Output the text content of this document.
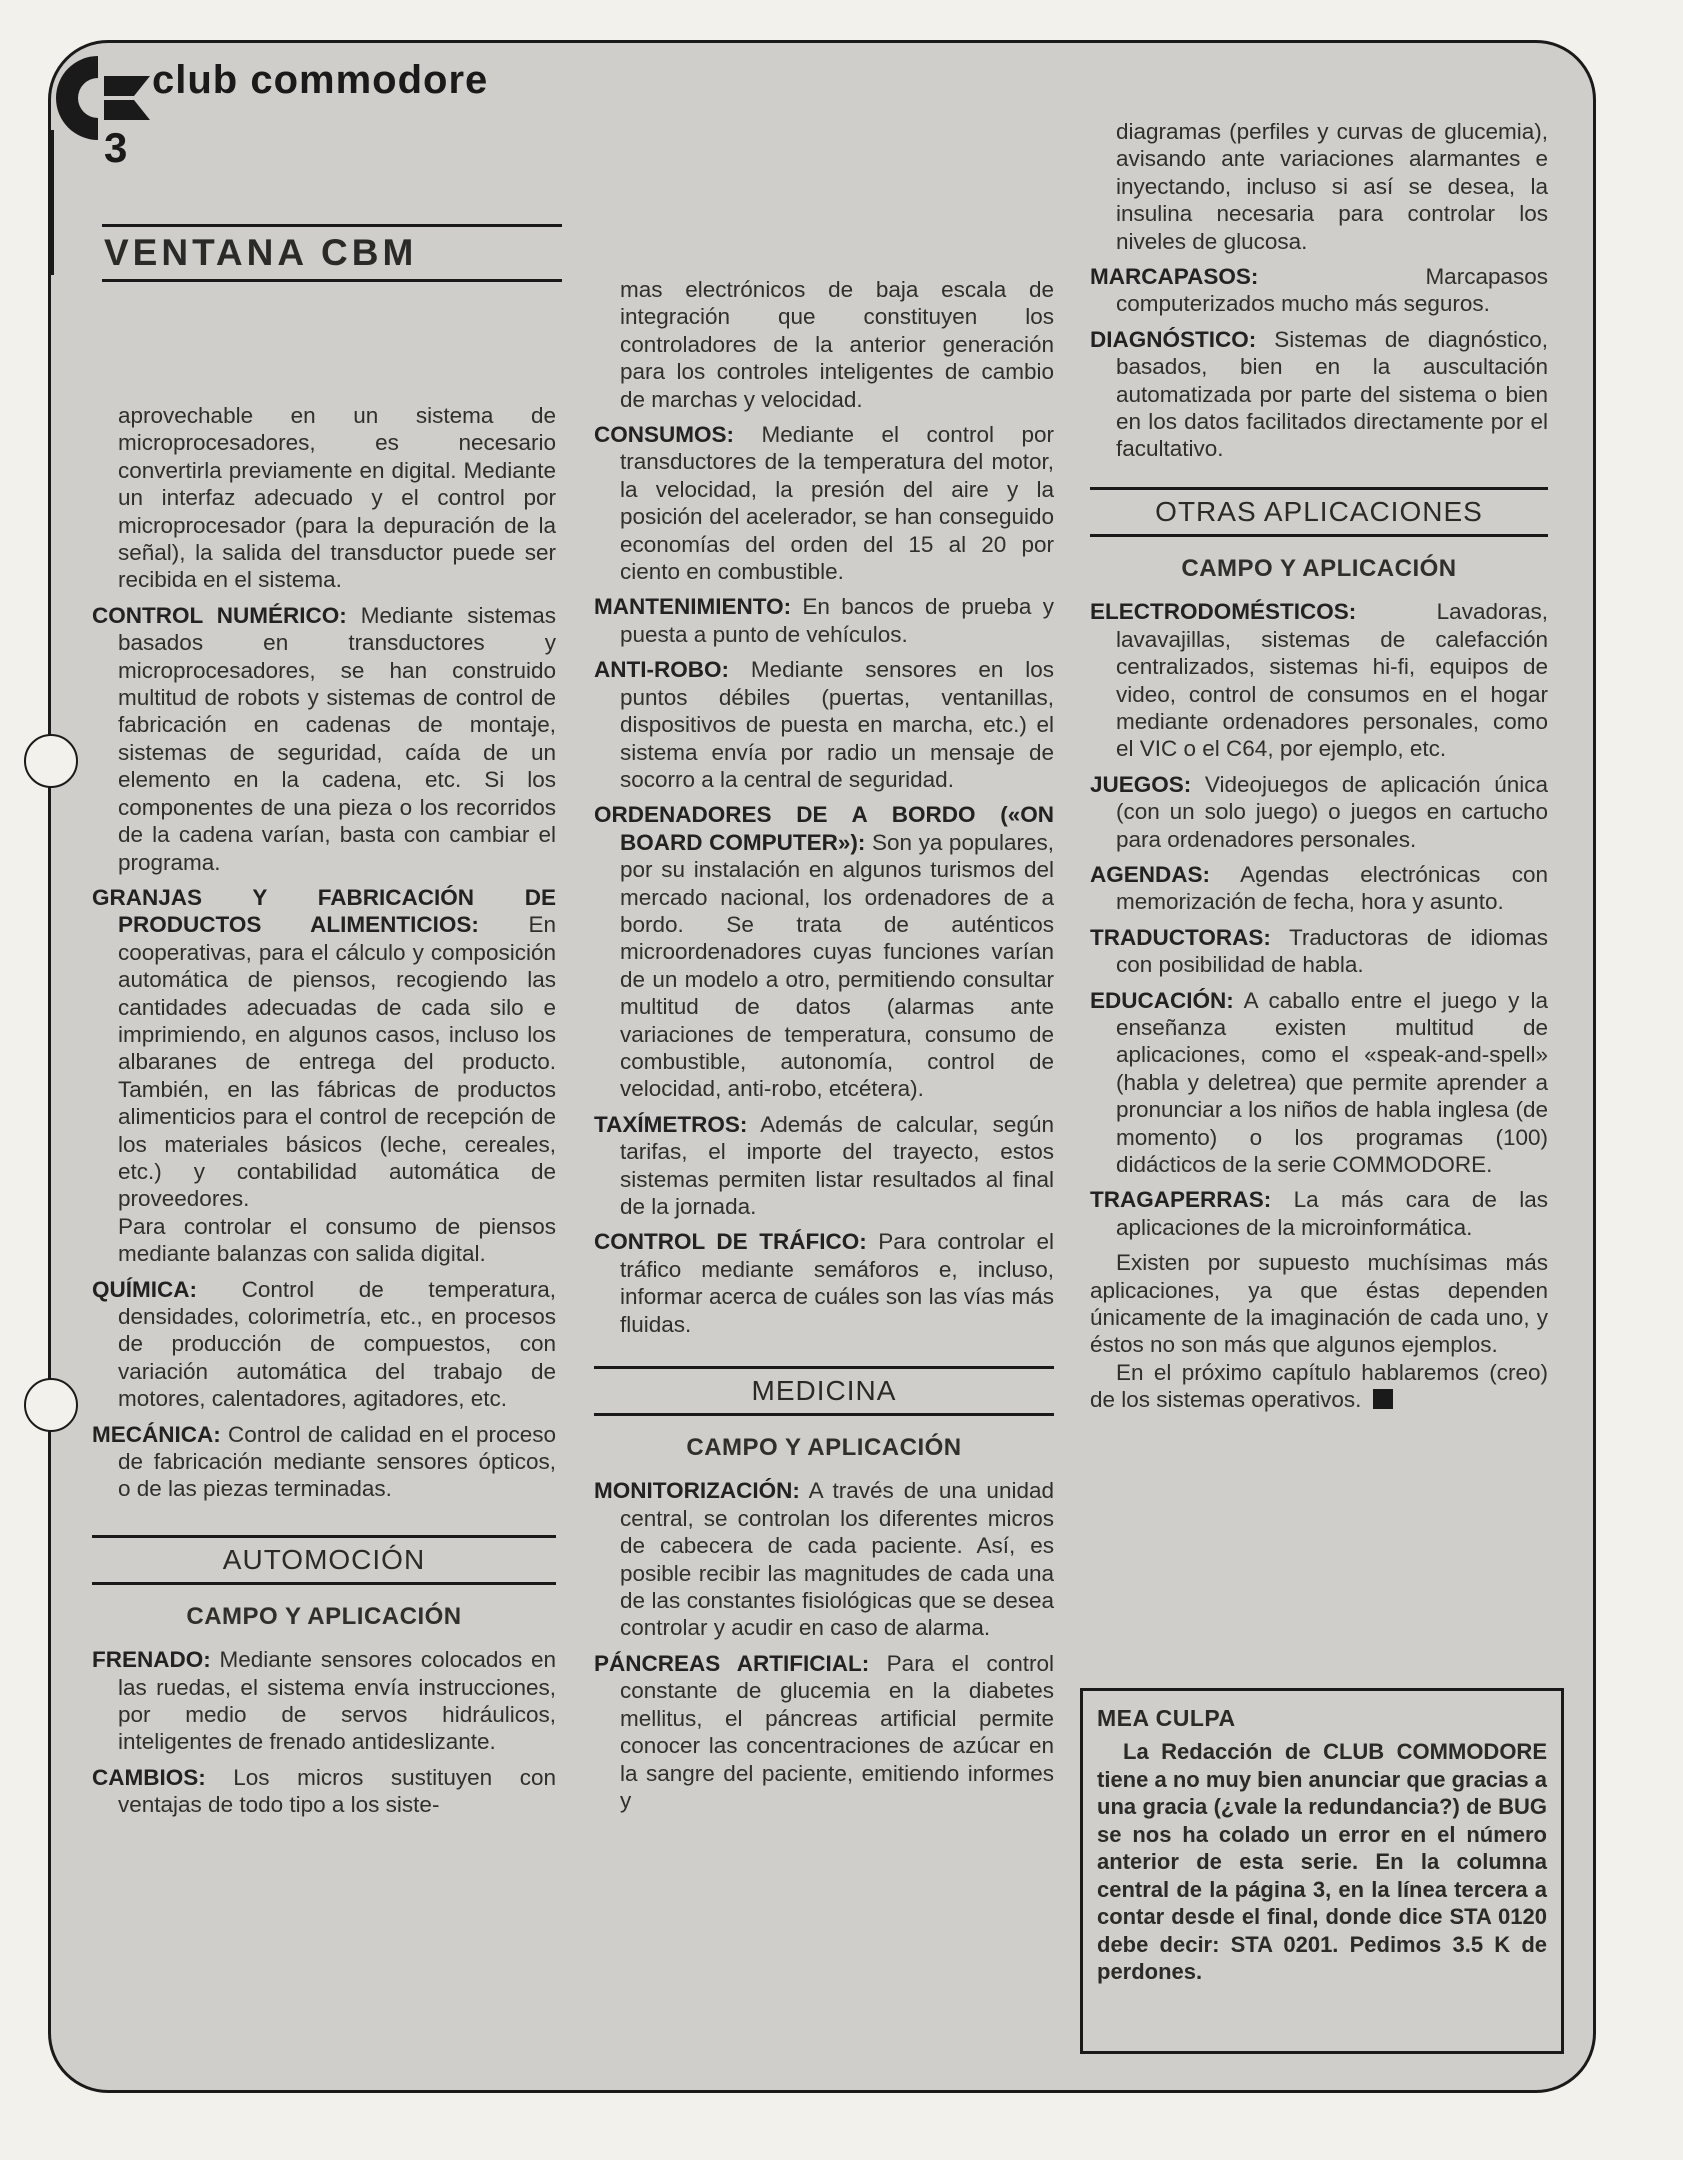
club commodore
3
VENTANA CBM

aprovechable en un sistema de microprocesadores, es necesario convertirla previamente en digital. Mediante un interfaz adecuado y el control por microprocesador (para la depuración de la señal), la salida del transductor puede ser recibida en el sistema.

CONTROL NUMÉRICO: Mediante sistemas basados en transductores y microprocesadores, se han construido multitud de robots y sistemas de control de fabricación en cadenas de montaje, sistemas de seguridad, caída de un elemento en la cadena, etc. Si los componentes de una pieza o los recorridos de la cadena varían, basta con cambiar el programa.

GRANJAS Y FABRICACIÓN DE PRODUCTOS ALIMENTICIOS: En cooperativas, para el cálculo y composición automática de piensos, recogiendo las cantidades adecuadas de cada silo e imprimiendo, en algunos casos, incluso los albaranes de entrega del producto. También, en las fábricas de productos alimenticios para el control de recepción de los materiales básicos (leche, cereales, etc.) y contabilidad automática de proveedores.

Para controlar el consumo de piensos mediante balanzas con salida digital.

QUÍMICA: Control de temperatura, densidades, colorimetría, etc., en procesos de producción de compuestos, con variación automática del trabajo de motores, calentadores, agitadores, etc.

MECÁNICA: Control de calidad en el proceso de fabricación mediante sensores ópticos, o de las piezas terminadas.

AUTOMOCIÓN
CAMPO Y APLICACIÓN

FRENADO: Mediante sensores colocados en las ruedas, el sistema envía instrucciones, por medio de servos hidráulicos, inteligentes de frenado antideslizante.

CAMBIOS: Los micros sustituyen con ventajas de todo tipo a los siste-

mas electrónicos de baja escala de integración que constituyen los controladores de la anterior generación para los controles inteligentes de cambio de marchas y velocidad.

CONSUMOS: Mediante el control por transductores de la temperatura del motor, la velocidad, la presión del aire y la posición del acelerador, se han conseguido economías del orden del 15 al 20 por ciento en combustible.

MANTENIMIENTO: En bancos de prueba y puesta a punto de vehículos.

ANTI-ROBO: Mediante sensores en los puntos débiles (puertas, ventanillas, dispositivos de puesta en marcha, etc.) el sistema envía por radio un mensaje de socorro a la central de seguridad.

ORDENADORES DE A BORDO («ON BOARD COMPUTER»): Son ya populares, por su instalación en algunos turismos del mercado nacional, los ordenadores de a bordo. Se trata de auténticos microordenadores cuyas funciones varían de un modelo a otro, permitiendo consultar multitud de datos (alarmas ante variaciones de temperatura, consumo de combustible, autonomía, control de velocidad, anti-robo, etcétera).

TAXÍMETROS: Además de calcular, según tarifas, el importe del trayecto, estos sistemas permiten listar resultados al final de la jornada.

CONTROL DE TRÁFICO: Para controlar el tráfico mediante semáforos e, incluso, informar acerca de cuáles son las vías más fluidas.

MEDICINA
CAMPO Y APLICACIÓN

MONITORIZACIÓN: A través de una unidad central, se controlan los diferentes micros de cabecera de cada paciente. Así, es posible recibir las magnitudes de cada una de las constantes fisiológicas que se desea controlar y acudir en caso de alarma.

PÁNCREAS ARTIFICIAL: Para el control constante de glucemia en la diabetes mellitus, el páncreas artificial permite conocer las concentraciones de azúcar en la sangre del paciente, emitiendo informes y

diagramas (perfiles y curvas de glucemia), avisando ante variaciones alarmantes e inyectando, incluso si así se desea, la insulina necesaria para controlar los niveles de glucosa.

MARCAPASOS: Marcapasos computerizados mucho más seguros.

DIAGNÓSTICO: Sistemas de diagnóstico, basados, bien en la auscultación automatizada por parte del sistema o bien en los datos facilitados directamente por el facultativo.

OTRAS APLICACIONES
CAMPO Y APLICACIÓN

ELECTRODOMÉSTICOS: Lavadoras, lavavajillas, sistemas de calefacción centralizados, sistemas hi-fi, equipos de video, control de consumos en el hogar mediante ordenadores personales, como el VIC o el C64, por ejemplo, etc.

JUEGOS: Videojuegos de aplicación única (con un solo juego) o juegos en cartucho para ordenadores personales.

AGENDAS: Agendas electrónicas con memorización de fecha, hora y asunto.

TRADUCTORAS: Traductoras de idiomas con posibilidad de habla.

EDUCACIÓN: A caballo entre el juego y la enseñanza existen multitud de aplicaciones, como el «speak-and-spell» (habla y deletrea) que permite aprender a pronunciar a los niños de habla inglesa (de momento) o los programas (100) didácticos de la serie COMMODORE.

TRAGAPERRAS: La más cara de las aplicaciones de la microinformática.

Existen por supuesto muchísimas más aplicaciones, ya que éstas dependen únicamente de la imaginación de cada uno, y éstos no son más que algunos ejemplos.

En el próximo capítulo hablaremos (creo) de los sistemas operativos.

MEA CULPA

La Redacción de CLUB COMMODORE tiene a no muy bien anunciar que gracias a una gracia (¿vale la redundancia?) de BUG se nos ha colado un error en el número anterior de esta serie. En la columna central de la página 3, en la línea tercera a contar desde el final, donde dice STA 0120 debe decir: STA 0201. Pedimos 3.5 K de perdones.
